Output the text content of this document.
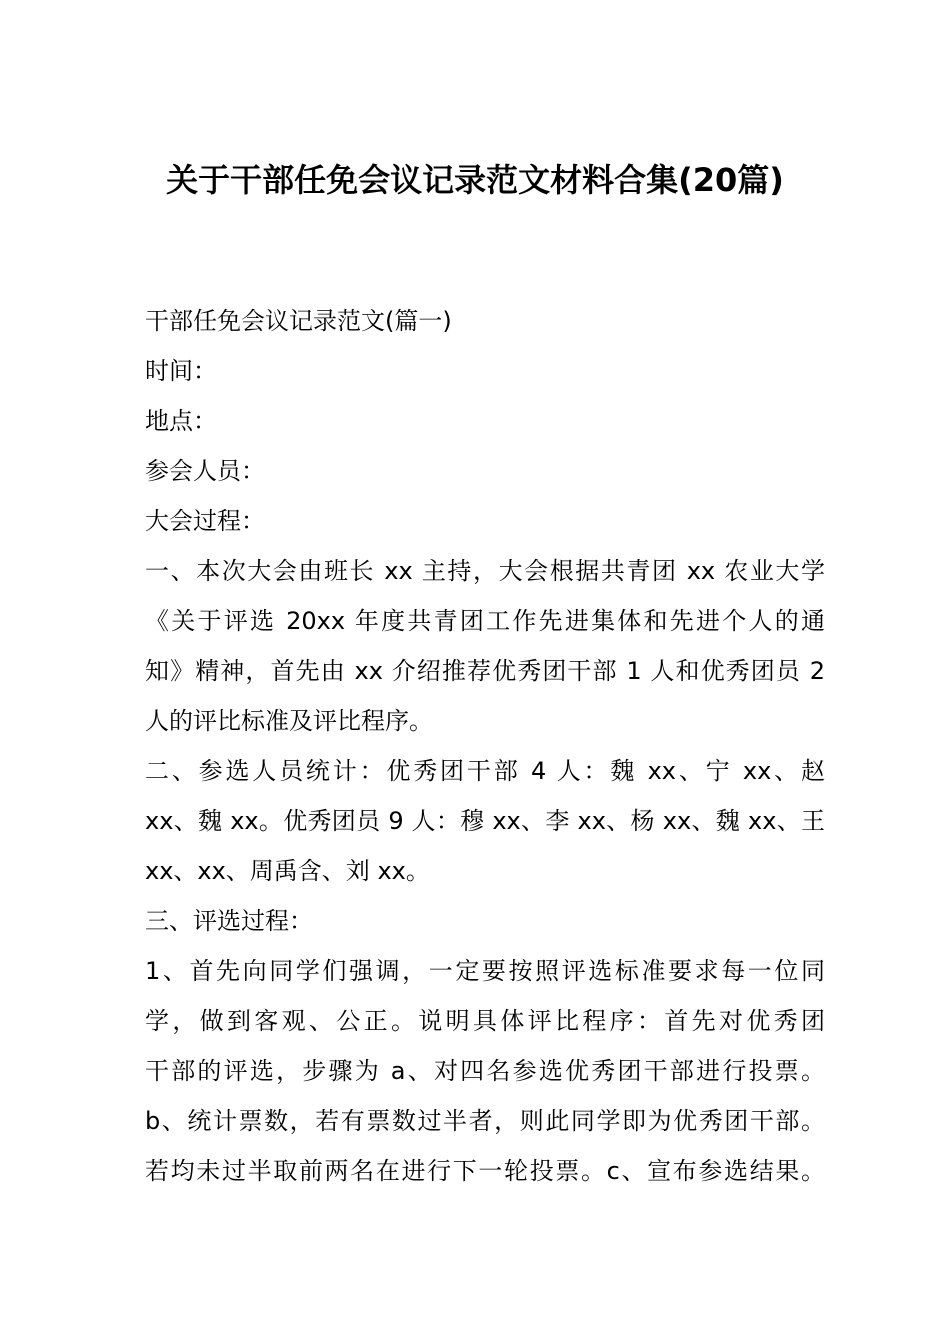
关于干部任免会议记录范文材料合集(20篇)
干部任免会议记录范文(篇一)
时间：
地点：
参会人员：
大会过程：
一、本次大会由班长 xx 主持，大会根据共青团 xx 农业大学
《关于评选 20xx 年度共青团工作先进集体和先进个人的通
知》精神，首先由 xx 介绍推荐优秀团干部 1 人和优秀团员 2
人的评比标准及评比程序。
二、参选人员统计：优秀团干部 4 人：魏 xx、宁 xx、赵
xx、魏 xx。优秀团员 9 人：穆 xx、李 xx、杨 xx、魏 xx、王
xx、xx、周禹含、刘 xx。
三、评选过程：
1、首先向同学们强调，一定要按照评选标准要求每一位同
学，做到客观、公正。说明具体评比程序：首先对优秀团
干部的评选，步骤为 a、对四名参选优秀团干部进行投票。
b、统计票数，若有票数过半者，则此同学即为优秀团干部。
若均未过半取前两名在进行下一轮投票。c、宣布参选结果。
